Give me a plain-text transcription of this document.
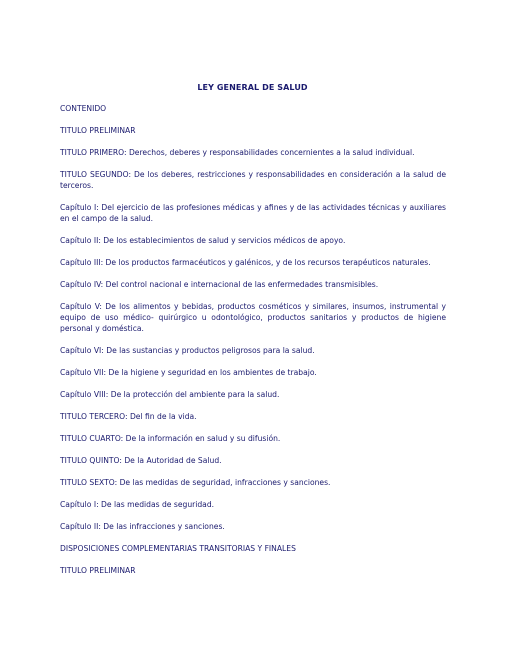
LEY GENERAL DE SALUD

CONTENIDO

TITULO PRELIMINAR

TITULO PRIMERO: Derechos, deberes y responsabilidades concernientes a la salud individual.

TITULO SEGUNDO: De los deberes, restricciones y responsabilidades en consideración a la salud de terceros.

Capítulo I: Del ejercicio de las profesiones médicas y afines y de las actividades técnicas y auxiliares en el campo de la salud.

Capítulo II: De los establecimientos de salud y servicios médicos de apoyo.

Capítulo III: De los productos farmacéuticos y galénicos, y de los recursos terapéuticos naturales.

Capítulo IV: Del control nacional e internacional de las enfermedades transmisibles.

Capítulo V: De los alimentos y bebidas, productos cosméticos y similares, insumos, instrumental y equipo de uso médico- quirúrgico u odontológico, productos sanitarios y productos de higiene personal y doméstica.

Capítulo VI: De las sustancias y productos peligrosos para la salud.

Capítulo VII: De la higiene y seguridad en los ambientes de trabajo.

Capítulo VIII: De la protección del ambiente para la salud.

TITULO TERCERO: Del fin de la vida.

TITULO CUARTO: De la información en salud y su difusión.

TITULO QUINTO: De la Autoridad de Salud.

TITULO SEXTO: De las medidas de seguridad, infracciones y sanciones.

Capítulo I: De las medidas de seguridad.

Capítulo II: De las infracciones y sanciones.

DISPOSICIONES COMPLEMENTARIAS TRANSITORIAS Y FINALES

TITULO PRELIMINAR
